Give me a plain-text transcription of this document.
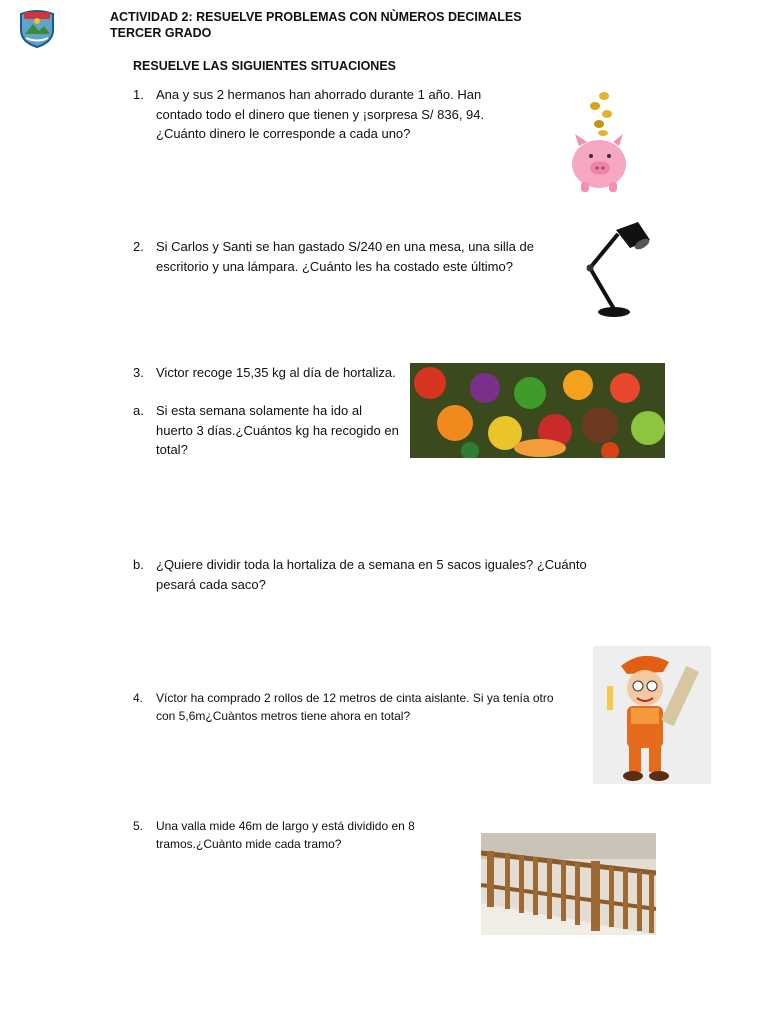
ACTIVIDAD 2: RESUELVE PROBLEMAS CON NÙMEROS DECIMALES
TERCER GRADO
RESUELVE LAS SIGUIENTES SITUACIONES
1. Ana y sus 2 hermanos han ahorrado durante 1 año. Han contado todo el dinero que tienen y ¡sorpresa S/ 836, 94. ¿Cuánto dinero le corresponde a cada uno?
2. Si Carlos y Santi se han gastado S/240 en una mesa, una silla de escritorio y una lámpara. ¿Cuánto les ha costado este último?
3. Victor recoge 15,35 kg al día de hortaliza.
a. Si esta semana solamente ha ido al huerto 3 días.¿Cuántos kg ha recogido en total?
b. ¿Quiere dividir toda la hortaliza de a semana en 5 sacos iguales? ¿Cuánto pesará cada saco?
4. Víctor ha comprado 2 rollos de 12 metros de cinta aislante. Si ya tenía otro con 5,6m¿Cuàntos metros tiene ahora en total?
5. Una valla mide 46m de largo y está dividido en 8 tramos.¿Cuànto mide cada tramo?
